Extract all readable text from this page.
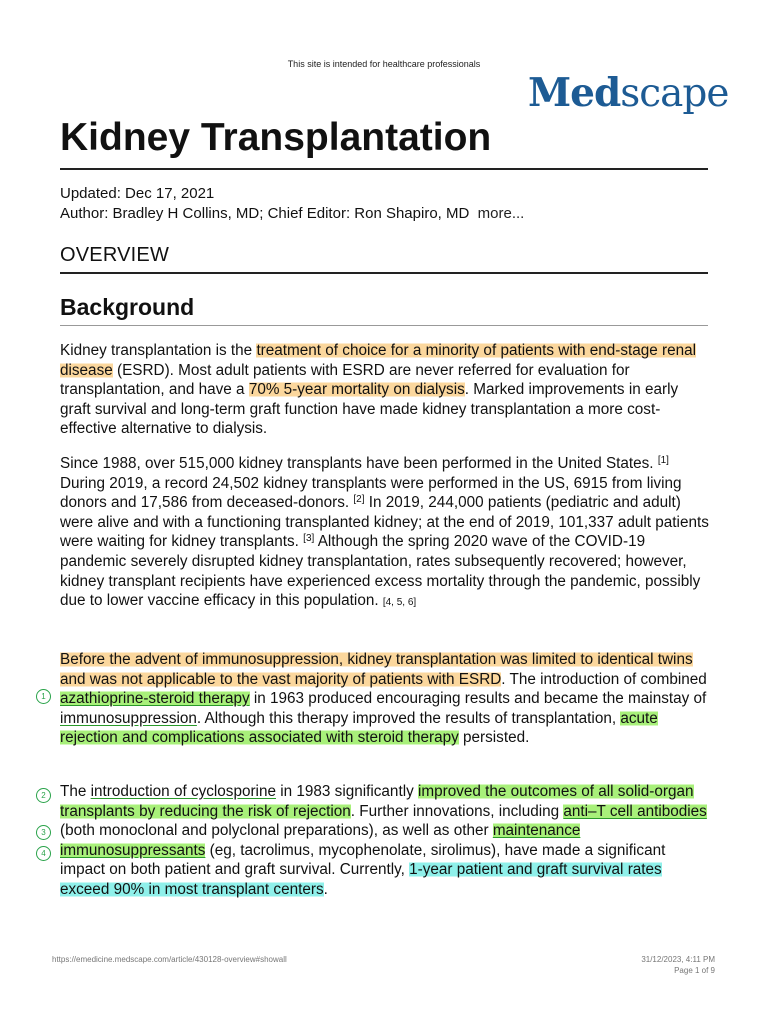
This site is intended for healthcare professionals
Medscape
Kidney Transplantation
Updated: Dec 17, 2021
Author: Bradley H Collins, MD; Chief Editor: Ron Shapiro, MD more...
OVERVIEW
Background

Kidney transplantation is the treatment of choice for a minority of patients with end-stage renal disease (ESRD). Most adult patients with ESRD are never referred for evaluation for transplantation, and have a 70% 5-year mortality on dialysis. Marked improvements in early graft survival and long-term graft function have made kidney transplantation a more cost-effective alternative to dialysis.

Since 1988, over 515,000 kidney transplants have been performed in the United States. [1] During 2019, a record 24,502 kidney transplants were performed in the US, 6915 from living donors and 17,586 from deceased-donors. [2] In 2019, 244,000 patients (pediatric and adult) were alive and with a functioning transplanted kidney; at the end of 2019, 101,337 adult patients were waiting for kidney transplants. [3] Although the spring 2020 wave of the COVID-19 pandemic severely disrupted kidney transplantation, rates subsequently recovered; however, kidney transplant recipients have experienced excess mortality through the pandemic, possibly due to lower vaccine efficacy in this population. [4, 5, 6]

Before the advent of immunosuppression, kidney transplantation was limited to identical twins and was not applicable to the vast majority of patients with ESRD. The introduction of combined azathioprine-steroid therapy in 1963 produced encouraging results and became the mainstay of immunosuppression. Although this therapy improved the results of transplantation, acute rejection and complications associated with steroid therapy persisted.

The introduction of cyclosporine in 1983 significantly improved the outcomes of all solid-organ transplants by reducing the risk of rejection. Further innovations, including anti–T cell antibodies (both monoclonal and polyclonal preparations), as well as other maintenance immunosuppressants (eg, tacrolimus, mycophenolate, sirolimus), have made a significant impact on both patient and graft survival. Currently, 1-year patient and graft survival rates exceed 90% in most transplant centers.

1
2
3
4
https://emedicine.medscape.com/article/430128-overview#showall	31/12/2023, 4:11 PM
Page 1 of 9
